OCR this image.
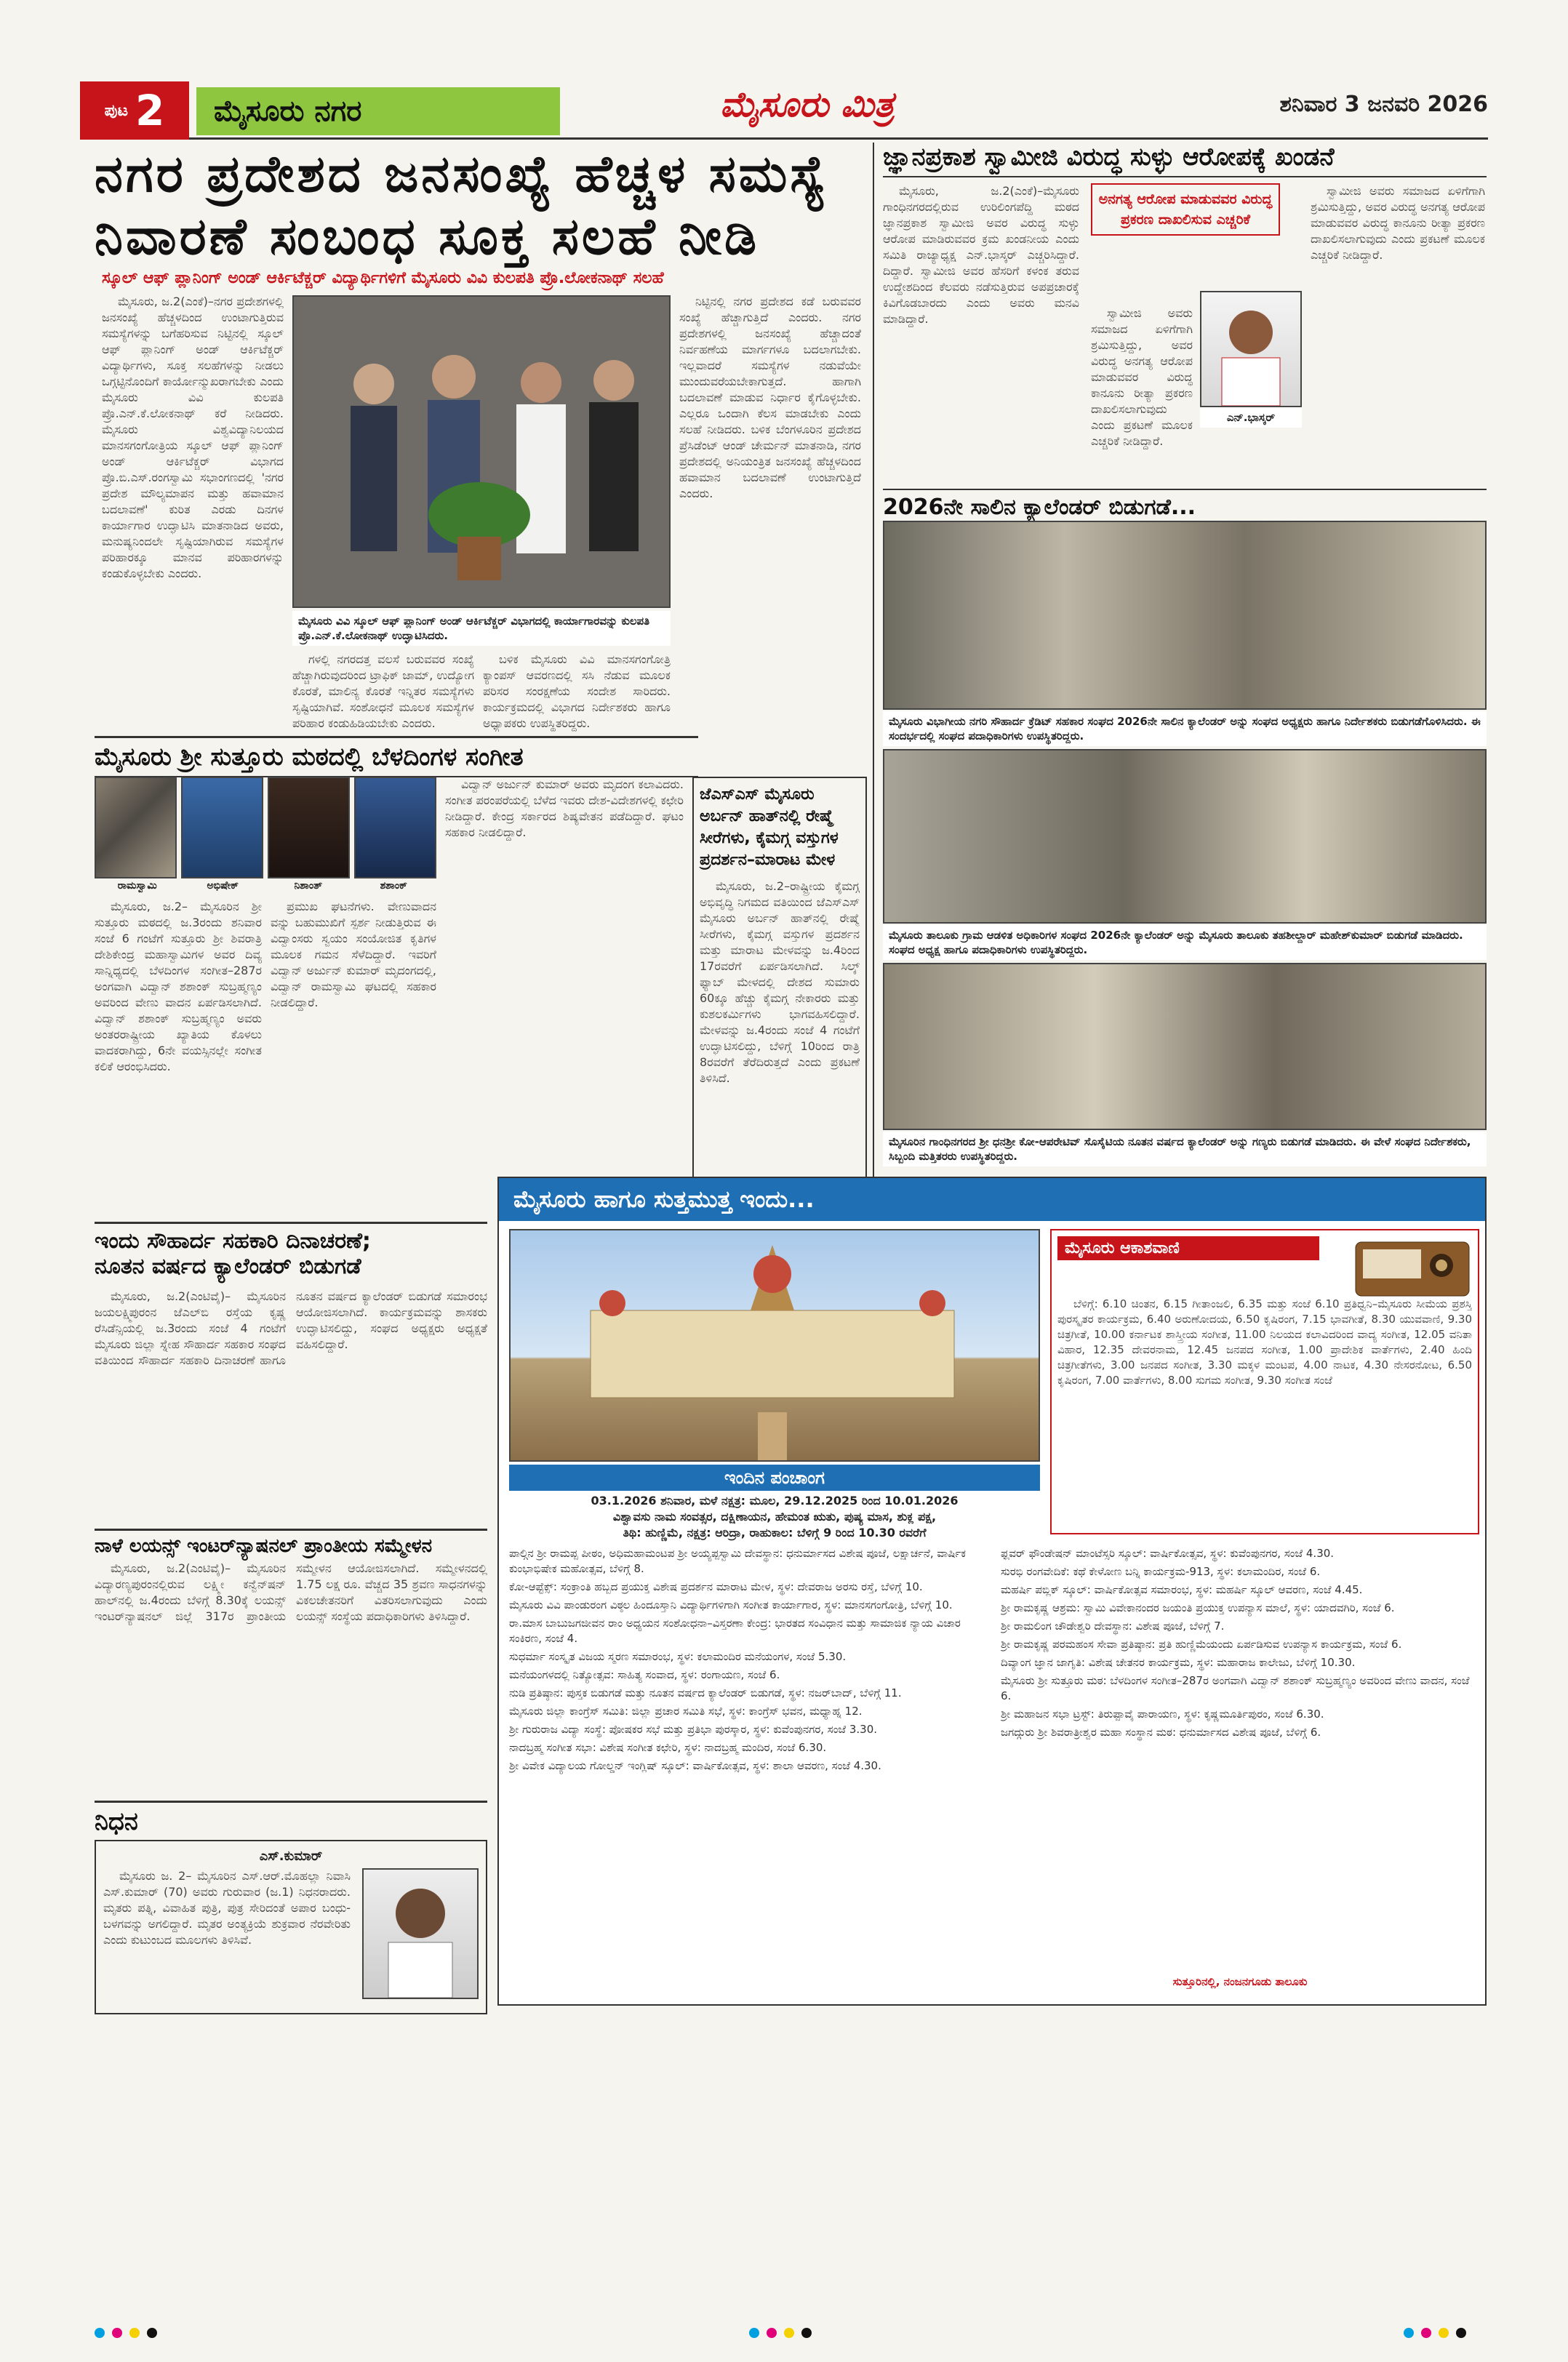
ಪುಟ 2	ಮೈಸೂರು ನಗರ	ಮೈಸೂರು ಮಿತ್ರ	ಶನಿವಾರ 3 ಜನವರಿ 2026
ನಗರ ಪ್ರದೇಶದ ಜನಸಂಖ್ಯೆ ಹೆಚ್ಚಳ ಸಮಸ್ಯೆ
ನಿವಾರಣೆ ಸಂಬಂಧ ಸೂಕ್ತ ಸಲಹೆ ನೀಡಿ
ಸ್ಕೂಲ್ ಆಫ್ ಪ್ಲಾನಿಂಗ್ ಅಂಡ್ ಆರ್ಕಿಟೆಕ್ಚರ್ ವಿದ್ಯಾರ್ಥಿಗಳಿಗೆ ಮೈಸೂರು ವಿವಿ ಕುಲಪತಿ ಪ್ರೊ.ಲೋಕನಾಥ್ ಸಲಹೆ

ಮೈಸೂರು, ಜ.2(ಎಂಕೆ)–ನಗರ ಪ್ರದೇಶಗಳಲ್ಲಿ ಜನಸಂಖ್ಯೆ ಹೆಚ್ಚಳದಿಂದ ಉಂಟಾಗುತ್ತಿರುವ ಸಮಸ್ಯೆಗಳನ್ನು ಬಗೆಹರಿಸುವ ನಿಟ್ಟಿನಲ್ಲಿ ಸ್ಕೂಲ್ ಆಫ್ ಪ್ಲಾನಿಂಗ್ ಅಂಡ್ ಆರ್ಕಿಟೆಕ್ಚರ್ ವಿದ್ಯಾರ್ಥಿಗಳು, ಸೂಕ್ತ ಸಲಹೆಗಳನ್ನು ನೀಡಲು ಒಗ್ಗಟ್ಟಿನೊಂದಿಗೆ ಕಾರ್ಯೋನ್ಮುಖರಾಗಬೇಕು ಎಂದು ಮೈಸೂರು ವಿವಿ ಕುಲಪತಿ ಪ್ರೊ.ಎನ್.ಕೆ.ಲೋಕನಾಥ್ ಕರೆ ನೀಡಿದರು. ಮೈಸೂರು ವಿಶ್ವವಿದ್ಯಾನಿಲಯದ ಮಾನಸಗಂಗೋತ್ರಿಯ ಸ್ಕೂಲ್ ಆಫ್ ಪ್ಲಾನಿಂಗ್ ಅಂಡ್ ಆರ್ಕಿಟೆಕ್ಚರ್ ವಿಭಾಗದ ಪ್ರೊ.ಬಿ.ಎಸ್.ರಂಗಸ್ವಾಮಿ ಸಭಾಂಗಣದಲ್ಲಿ 'ನಗರ ಪ್ರದೇಶ ಮೌಲ್ಯಮಾಪನ ಮತ್ತು ಹವಾಮಾನ ಬದಲಾವಣೆ' ಕುರಿತ ಎರಡು ದಿನಗಳ ಕಾರ್ಯಾಗಾರ ಉದ್ಘಾಟಿಸಿ ಮಾತನಾಡಿದ ಅವರು, ಮನುಷ್ಯನಿಂದಲೇ ಸೃಷ್ಟಿಯಾಗಿರುವ ಸಮಸ್ಯೆಗಳ ಪರಿಹಾರಕ್ಕೂ ಮಾನವ ಪರಿಹಾರಗಳನ್ನು ಕಂಡುಕೊಳ್ಳಬೇಕು ಎಂದರು.

ಮೈಸೂರು ವಿವಿ ಸ್ಕೂಲ್ ಆಫ್ ಪ್ಲಾನಿಂಗ್ ಅಂಡ್ ಆರ್ಕಿಟೆಕ್ಚರ್ ವಿಭಾಗದಲ್ಲಿ ಕಾರ್ಯಾಗಾರವನ್ನು ಕುಲಪತಿ ಪ್ರೊ.ಎನ್.ಕೆ.ಲೋಕನಾಥ್ ಉದ್ಘಾಟಿಸಿದರು.

ನಿಟ್ಟಿನಲ್ಲಿ ನಗರ ಪ್ರದೇಶದ ಕಡೆ ಬರುವವರ ಸಂಖ್ಯೆ ಹೆಚ್ಚಾಗುತ್ತಿದೆ ಎಂದರು. ನಗರ ಪ್ರದೇಶಗಳಲ್ಲಿ ಜನಸಂಖ್ಯೆ ಹೆಚ್ಚಾದಂತೆ ನಿರ್ವಹಣೆಯ ಮಾರ್ಗಗಳೂ ಬದಲಾಗಬೇಕು. ಇಲ್ಲವಾದರೆ ಸಮಸ್ಯೆಗಳ ನಡುವೆಯೇ ಮುಂದುವರೆಯಬೇಕಾಗುತ್ತದೆ. ಹಾಗಾಗಿ ಬದಲಾವಣೆ ಮಾಡುವ ನಿರ್ಧಾರ ಕೈಗೊಳ್ಳಬೇಕು. ಎಲ್ಲರೂ ಒಂದಾಗಿ ಕೆಲಸ ಮಾಡಬೇಕು ಎಂದು ಸಲಹೆ ನೀಡಿದರು. ಬಳಿಕ ಬೆಂಗಳೂರಿನ ಪ್ರದೇಶದ ಪ್ರೆಸಿಡೆಂಟ್ ಆಂಡ್ ಚೇರ್ಮನ್ ಮಾತನಾಡಿ, ನಗರ ಪ್ರದೇಶದಲ್ಲಿ ಅನಿಯಂತ್ರಿತ ಜನಸಂಖ್ಯೆ ಹೆಚ್ಚಳದಿಂದ ಹವಾಮಾನ ಬದಲಾವಣೆ ಉಂಟಾಗುತ್ತಿದೆ ಎಂದರು.

ಗಳಲ್ಲಿ ನಗರದತ್ತ ವಲಸೆ ಬರುವವರ ಸಂಖ್ಯೆ ಹೆಚ್ಚಾಗಿರುವುದರಿಂದ ಟ್ರಾಫಿಕ್ ಜಾಮ್, ಉದ್ಯೋಗ ಕೊರತೆ, ಮಾಲಿನ್ಯ ಕೊರತೆ ಇನ್ನಿತರ ಸಮಸ್ಯೆಗಳು ಸೃಷ್ಟಿಯಾಗಿವೆ. ಸಂಶೋಧನೆ ಮೂಲಕ ಸಮಸ್ಯೆಗಳ ಪರಿಹಾರ ಕಂಡುಹಿಡಿಯಬೇಕು ಎಂದರು.

ಬಳಿಕ ಮೈಸೂರು ವಿವಿ ಮಾನಸಗಂಗೋತ್ರಿ ಕ್ಯಾಂಪಸ್ ಆವರಣದಲ್ಲಿ ಸಸಿ ನೆಡುವ ಮೂಲಕ ಪರಿಸರ ಸಂರಕ್ಷಣೆಯ ಸಂದೇಶ ಸಾರಿದರು. ಕಾರ್ಯಕ್ರಮದಲ್ಲಿ ವಿಭಾಗದ ನಿರ್ದೇಶಕರು ಹಾಗೂ ಅಧ್ಯಾಪಕರು ಉಪಸ್ಥಿತರಿದ್ದರು.

ಜ್ಞಾನಪ್ರಕಾಶ ಸ್ವಾಮೀಜಿ ವಿರುದ್ಧ ಸುಳ್ಳು ಆರೋಪಕ್ಕೆ ಖಂಡನೆ

ಮೈಸೂರು, ಜ.2(ಎಂಕೆ)–ಮೈಸೂರು ಗಾಂಧಿನಗರದಲ್ಲಿರುವ ಉರಿಲಿಂಗಪೆದ್ದಿ ಮಠದ ಜ್ಞಾನಪ್ರಕಾಶ ಸ್ವಾಮೀಜಿ ಅವರ ವಿರುದ್ಧ ಸುಳ್ಳು ಆರೋಪ ಮಾಡಿರುವವರ ಕ್ರಮ ಖಂಡನೀಯ ಎಂದು ಸಮಿತಿ ರಾಜ್ಯಾಧ್ಯಕ್ಷ ಎನ್.ಭಾಸ್ಕರ್ ಎಚ್ಚರಿಸಿದ್ದಾರೆ. ದಿದ್ದಾರೆ. ಸ್ವಾಮೀಜಿ ಅವರ ಹೆಸರಿಗೆ ಕಳಂಕ ತರುವ ಉದ್ದೇಶದಿಂದ ಕೆಲವರು ನಡೆಸುತ್ತಿರುವ ಅಪಪ್ರಚಾರಕ್ಕೆ ಕಿವಿಗೊಡಬಾರದು ಎಂದು ಅವರು ಮನವಿ ಮಾಡಿದ್ದಾರೆ.

ಅನಗತ್ಯ ಆರೋಪ ಮಾಡುವವರ ವಿರುದ್ಧ ಪ್ರಕರಣ ದಾಖಲಿಸುವ ಎಚ್ಚರಿಕೆ

ಸ್ವಾಮೀಜಿ ಅವರು ಸಮಾಜದ ಏಳಿಗೆಗಾಗಿ ಶ್ರಮಿಸುತ್ತಿದ್ದು, ಅವರ ವಿರುದ್ಧ ಅನಗತ್ಯ ಆರೋಪ ಮಾಡುವವರ ವಿರುದ್ಧ ಕಾನೂನು ರೀತ್ಯಾ ಪ್ರಕರಣ ದಾಖಲಿಸಲಾಗುವುದು ಎಂದು ಪ್ರಕಟಣೆ ಮೂಲಕ ಎಚ್ಚರಿಕೆ ನೀಡಿದ್ದಾರೆ.

ಎನ್.ಭಾಸ್ಕರ್

ಸ್ವಾಮೀಜಿ ಅವರು ಸಮಾಜದ ಏಳಿಗೆಗಾಗಿ ಶ್ರಮಿಸುತ್ತಿದ್ದು, ಅವರ ವಿರುದ್ಧ ಅನಗತ್ಯ ಆರೋಪ ಮಾಡುವವರ ವಿರುದ್ಧ ಕಾನೂನು ರೀತ್ಯಾ ಪ್ರಕರಣ ದಾಖಲಿಸಲಾಗುವುದು ಎಂದು ಪ್ರಕಟಣೆ ಮೂಲಕ ಎಚ್ಚರಿಕೆ ನೀಡಿದ್ದಾರೆ.

2026ನೇ ಸಾಲಿನ ಕ್ಯಾಲೆಂಡರ್ ಬಿಡುಗಡೆ...
ಮೈಸೂರು ವಿಭಾಗೀಯ ನಗರಿ ಸೌಹಾರ್ದ ಕ್ರೆಡಿಟ್ ಸಹಕಾರ ಸಂಘದ 2026ನೇ ಸಾಲಿನ ಕ್ಯಾಲೆಂಡರ್ ಅನ್ನು ಸಂಘದ ಅಧ್ಯಕ್ಷರು ಹಾಗೂ ನಿರ್ದೇಶಕರು ಬಿಡುಗಡೆಗೊಳಿಸಿದರು. ಈ ಸಂದರ್ಭದಲ್ಲಿ ಸಂಘದ ಪದಾಧಿಕಾರಿಗಳು ಉಪಸ್ಥಿತರಿದ್ದರು.
ಮೈಸೂರು ತಾಲೂಕು ಗ್ರಾಮ ಆಡಳಿತ ಅಧಿಕಾರಿಗಳ ಸಂಘದ 2026ನೇ ಕ್ಯಾಲೆಂಡರ್ ಅನ್ನು ಮೈಸೂರು ತಾಲೂಕು ತಹಶೀಲ್ದಾರ್ ಮಹೇಶ್‌ಕುಮಾರ್ ಬಿಡುಗಡೆ ಮಾಡಿದರು. ಸಂಘದ ಅಧ್ಯಕ್ಷ ಹಾಗೂ ಪದಾಧಿಕಾರಿಗಳು ಉಪಸ್ಥಿತರಿದ್ದರು.
ಮೈಸೂರಿನ ಗಾಂಧಿನಗರದ ಶ್ರೀ ಧನಶ್ರೀ ಕೋ-ಆಪರೇಟಿವ್ ಸೊಸೈಟಿಯ ನೂತನ ವರ್ಷದ ಕ್ಯಾಲೆಂಡರ್ ಅನ್ನು ಗಣ್ಯರು ಬಿಡುಗಡೆ ಮಾಡಿದರು. ಈ ವೇಳೆ ಸಂಘದ ನಿರ್ದೇಶಕರು, ಸಿಬ್ಬಂದಿ ಮತ್ತಿತರರು ಉಪಸ್ಥಿತರಿದ್ದರು.
ಮೈಸೂರು ಶ್ರೀ ಸುತ್ತೂರು ಮಠದಲ್ಲಿ ಬೆಳದಿಂಗಳ ಸಂಗೀತ
ರಾಮಸ್ವಾಮಿ	ಅಭಿಷೇಕ್	ನಿಶಾಂತ್	ಶಶಾಂಕ್

ಮೈಸೂರು, ಜ.2– ಮೈಸೂರಿನ ಶ್ರೀ ಸುತ್ತೂರು ಮಠದಲ್ಲಿ ಜ.3ರಂದು ಶನಿವಾರ ಸಂಜೆ 6 ಗಂಟೆಗೆ ಸುತ್ತೂರು ಶ್ರೀ ಶಿವರಾತ್ರಿ ದೇಶಿಕೇಂದ್ರ ಮಹಾಸ್ವಾಮಿಗಳ ಅವರ ದಿವ್ಯ ಸಾನ್ನಿಧ್ಯದಲ್ಲಿ ಬೆಳದಿಂಗಳ ಸಂಗೀತ–287ರ ಅಂಗವಾಗಿ ವಿದ್ವಾನ್ ಶಶಾಂಕ್ ಸುಬ್ರಹ್ಮಣ್ಯಂ ಅವರಿಂದ ವೇಣು ವಾದನ ಏರ್ಪಡಿಸಲಾಗಿದೆ. ವಿದ್ವಾನ್ ಶಶಾಂಕ್ ಸುಬ್ರಹ್ಮಣ್ಯಂ ಅವರು ಅಂತರರಾಷ್ಟ್ರೀಯ ಖ್ಯಾತಿಯ ಕೊಳಲು ವಾದಕರಾಗಿದ್ದು, 6ನೇ ವಯಸ್ಸಿನಲ್ಲೇ ಸಂಗೀತ ಕಲಿಕೆ ಆರಂಭಿಸಿದರು.

ಪ್ರಮುಖ ಘಟನೆಗಳು. ವೇಣುವಾದನ ವನ್ನು ಬಹುಮುಖಿಗೆ ಸ್ಪರ್ಶ ನೀಡುತ್ತಿರುವ ಈ ವಿದ್ವಾಂಸರು ಸ್ವಯಂ ಸಂಯೋಜಿತ ಕೃತಿಗಳ ಮೂಲಕ ಗಮನ ಸೆಳೆದಿದ್ದಾರೆ. ಇವರಿಗೆ ವಿದ್ವಾನ್ ಅರ್ಜುನ್ ಕುಮಾರ್ ಮೃದಂಗದಲ್ಲಿ, ವಿದ್ವಾನ್ ರಾಮಸ್ವಾಮಿ ಘಟದಲ್ಲಿ ಸಹಕಾರ ನೀಡಲಿದ್ದಾರೆ.

ವಿದ್ವಾನ್ ಅರ್ಜುನ್ ಕುಮಾರ್ ಅವರು ಮೃದಂಗ ಕಲಾವಿದರು. ಸಂಗೀತ ಪರಂಪರೆಯಲ್ಲಿ ಬೆಳೆದ ಇವರು ದೇಶ-ವಿದೇಶಗಳಲ್ಲಿ ಕಛೇರಿ ನೀಡಿದ್ದಾರೆ. ಕೇಂದ್ರ ಸರ್ಕಾರದ ಶಿಷ್ಯವೇತನ ಪಡೆದಿದ್ದಾರೆ. ಘಟಂ ಸಹಕಾರ ನೀಡಲಿದ್ದಾರೆ.

ಜೆಎಸ್‌ಎಸ್ ಮೈಸೂರು ಅರ್ಬನ್ ಹಾತ್‌ನಲ್ಲಿ ರೇಷ್ಮೆ ಸೀರೆಗಳು, ಕೈಮಗ್ಗ ವಸ್ತುಗಳ ಪ್ರದರ್ಶನ–ಮಾರಾಟ ಮೇಳ

ಮೈಸೂರು, ಜ.2–ರಾಷ್ಟ್ರೀಯ ಕೈಮಗ್ಗ ಅಭಿವೃದ್ಧಿ ನಿಗಮದ ವತಿಯಿಂದ ಜೆಎಸ್‌ಎಸ್ ಮೈಸೂರು ಅರ್ಬನ್ ಹಾತ್‌ನಲ್ಲಿ ರೇಷ್ಮೆ ಸೀರೆಗಳು, ಕೈಮಗ್ಗ ವಸ್ತುಗಳ ಪ್ರದರ್ಶನ ಮತ್ತು ಮಾರಾಟ ಮೇಳವನ್ನು ಜ.4ರಿಂದ 17ರವರೆಗೆ ಏರ್ಪಡಿಸಲಾಗಿದೆ. ಸಿಲ್ಕ್ ಫ್ಯಾಬ್ ಮೇಳದಲ್ಲಿ ದೇಶದ ಸುಮಾರು 60ಕ್ಕೂ ಹೆಚ್ಚು ಕೈಮಗ್ಗ ನೇಕಾರರು ಮತ್ತು ಕುಶಲಕರ್ಮಿಗಳು ಭಾಗವಹಿಸಲಿದ್ದಾರೆ. ಮೇಳವನ್ನು ಜ.4ರಂದು ಸಂಜೆ 4 ಗಂಟೆಗೆ ಉದ್ಘಾಟಿಸಲಿದ್ದು, ಬೆಳಿಗ್ಗೆ 10ರಿಂದ ರಾತ್ರಿ 8ರವರೆಗೆ ತೆರೆದಿರುತ್ತದೆ ಎಂದು ಪ್ರಕಟಣೆ ತಿಳಿಸಿದೆ.

ಇಂದು ಸೌಹಾರ್ದ ಸಹಕಾರಿ ದಿನಾಚರಣೆ;
ನೂತನ ವರ್ಷದ ಕ್ಯಾಲೆಂಡರ್ ಬಿಡುಗಡೆ

ಮೈಸೂರು, ಜ.2(ಎಂಟಿವೈ)– ಮೈಸೂರಿನ ಜಯಲಕ್ಷ್ಮಿಪುರಂನ ಜೆಎಲ್‌ಬಿ ರಸ್ತೆಯ ಕೃಷ್ಣ ರೆಸಿಡೆನ್ಸಿಯಲ್ಲಿ ಜ.3ರಂದು ಸಂಜೆ 4 ಗಂಟೆಗೆ ಮೈಸೂರು ಜಿಲ್ಲಾ ಸ್ನೇಹ ಸೌಹಾರ್ದ ಸಹಕಾರ ಸಂಘದ ವತಿಯಿಂದ ಸೌಹಾರ್ದ ಸಹಕಾರಿ ದಿನಾಚರಣೆ ಹಾಗೂ ನೂತನ ವರ್ಷದ ಕ್ಯಾಲೆಂಡರ್ ಬಿಡುಗಡೆ ಸಮಾರಂಭ ಆಯೋಜಿಸಲಾಗಿದೆ. ಕಾರ್ಯಕ್ರಮವನ್ನು ಶಾಸಕರು ಉದ್ಘಾಟಿಸಲಿದ್ದು, ಸಂಘದ ಅಧ್ಯಕ್ಷರು ಅಧ್ಯಕ್ಷತೆ ವಹಿಸಲಿದ್ದಾರೆ.

ನಾಳೆ ಲಯನ್ಸ್ ಇಂಟರ್‌ನ್ಯಾಷನಲ್ ಪ್ರಾಂತೀಯ ಸಮ್ಮೇಳನ

ಮೈಸೂರು, ಜ.2(ಎಂಟಿವೈ)– ಮೈಸೂರಿನ ವಿದ್ಯಾರಣ್ಯಪುರಂನಲ್ಲಿರುವ ಲಕ್ಷ್ಮೀ ಕನ್ವೆನ್‌ಷನ್ ಹಾಲ್‌ನಲ್ಲಿ ಜ.4ರಂದು ಬೆಳಿಗ್ಗೆ 8.30ಕ್ಕೆ ಲಯನ್ಸ್ ಇಂಟರ್‌ನ್ಯಾಷನಲ್ ಜಿಲ್ಲೆ 317ರ ಪ್ರಾಂತೀಯ ಸಮ್ಮೇಳನ ಆಯೋಜಿಸಲಾಗಿದೆ. ಸಮ್ಮೇಳನದಲ್ಲಿ 1.75 ಲಕ್ಷ ರೂ. ವೆಚ್ಚದ 35 ಶ್ರವಣ ಸಾಧನಗಳನ್ನು ವಿಕಲಚೇತನರಿಗೆ ವಿತರಿಸಲಾಗುವುದು ಎಂದು ಲಯನ್ಸ್ ಸಂಸ್ಥೆಯ ಪದಾಧಿಕಾರಿಗಳು ತಿಳಿಸಿದ್ದಾರೆ.

ನಿಧನ
ಎಸ್.ಕುಮಾರ್

ಮೈಸೂರು ಜ. 2– ಮೈಸೂರಿನ ಎಸ್.ಆರ್.ಮೊಹಲ್ಲಾ ನಿವಾಸಿ ಎಸ್.ಕುಮಾರ್ (70) ಅವರು ಗುರುವಾರ (ಜ.1) ನಿಧನರಾದರು. ಮೃತರು ಪತ್ನಿ, ವಿವಾಹಿತ ಪುತ್ರಿ, ಪುತ್ರ ಸೇರಿದಂತೆ ಅಪಾರ ಬಂಧು-ಬಳಗವನ್ನು ಅಗಲಿದ್ದಾರೆ. ಮೃತರ ಅಂತ್ಯಕ್ರಿಯೆ ಶುಕ್ರವಾರ ನೆರವೇರಿತು ಎಂದು ಕುಟುಂಬದ ಮೂಲಗಳು ತಿಳಿಸಿವೆ.

ಮೈಸೂರು ಹಾಗೂ ಸುತ್ತಮುತ್ತ ಇಂದು...
ಇಂದಿನ ಪಂಚಾಂಗ
03.1.2026 ಶನಿವಾರ, ಮಳೆ ನಕ್ಷತ್ರ: ಮೂಲ, 29.12.2025 ರಿಂದ 10.01.2026
ವಿಶ್ವಾವಸು ನಾಮ ಸಂವತ್ಸರ, ದಕ್ಷಿಣಾಯನ, ಹೇಮಂತ ಋತು, ಪುಷ್ಯ ಮಾಸ, ಶುಕ್ಲ ಪಕ್ಷ,
ತಿಥಿ: ಹುಣ್ಣಿಮೆ, ನಕ್ಷತ್ರ: ಆರಿದ್ರಾ, ರಾಹುಕಾಲ: ಬೆಳಿಗ್ಗೆ 9 ರಿಂದ 10.30 ರವರೆಗೆ
ಮೈಸೂರು ಆಕಾಶವಾಣಿ

ಬೆಳಿಗ್ಗೆ: 6.10 ಚಿಂತನ, 6.15 ಗೀತಾಂಜಲಿ, 6.35 ಮತ್ತು ಸಂಜೆ 6.10 ಪ್ರತಿಧ್ವನಿ–ಮೈಸೂರು ಸೀಮೆಯ ಪ್ರಶಸ್ತಿ ಪುರಸ್ಕೃತರ ಕಾರ್ಯಕ್ರಮ, 6.40 ಅರುಣೋದಯ, 6.50 ಕೃಷಿರಂಗ, 7.15 ಭಾವಗೀತೆ, 8.30 ಯುವವಾಣಿ, 9.30 ಚಿತ್ರಗೀತೆ, 10.00 ಕರ್ನಾಟಕ ಶಾಸ್ತ್ರೀಯ ಸಂಗೀತ, 11.00 ನಿಲಯದ ಕಲಾವಿದರಿಂದ ವಾದ್ಯ ಸಂಗೀತ, 12.05 ವನಿತಾ ವಿಹಾರ, 12.35 ದೇವರನಾಮ, 12.45 ಜನಪದ ಸಂಗೀತ, 1.00 ಪ್ರಾದೇಶಿಕ ವಾರ್ತೆಗಳು, 2.40 ಹಿಂದಿ ಚಿತ್ರಗೀತೆಗಳು, 3.00 ಜನಪದ ಸಂಗೀತ, 3.30 ಮಕ್ಕಳ ಮಂಟಪ, 4.00 ನಾಟಕ, 4.30 ನೇಸರನೋಟ, 6.50 ಕೃಷಿರಂಗ, 7.00 ವಾರ್ತೆಗಳು, 8.00 ಸುಗಮ ಸಂಗೀತ, 9.30 ಸಂಗೀತ ಸಂಜೆ

ಪಾಲ್ಗಿನ ಶ್ರೀ ರಾಮಪ್ಪ ಪೀಠಂ, ಅಧಿಮಹಾಮಂಟಪ ಶ್ರೀ ಅಯ್ಯಪ್ಪಸ್ವಾಮಿ ದೇವಸ್ಥಾನ: ಧನುರ್ಮಾಸದ ವಿಶೇಷ ಪೂಜೆ, ಲಕ್ಷಾರ್ಚನೆ, ವಾರ್ಷಿಕ ಕುಂಭಾಭಿಷೇಕ ಮಹೋತ್ಸವ, ಬೆಳಿಗ್ಗೆ 8.
ಕೋ-ಆಪ್ಟೆಕ್ಸ್: ಸಂಕ್ರಾಂತಿ ಹಬ್ಬದ ಪ್ರಯುಕ್ತ ವಿಶೇಷ ಪ್ರದರ್ಶನ ಮಾರಾಟ ಮೇಳ, ಸ್ಥಳ: ದೇವರಾಜ ಅರಸು ರಸ್ತೆ, ಬೆಳಿಗ್ಗೆ 10.
ಮೈಸೂರು ವಿವಿ ಪಾಂಡುರಂಗ ವಿಠ್ಠಲ ಹಿಂದೂಸ್ತಾನಿ ವಿದ್ಯಾರ್ಥಿಗಳಿಗಾಗಿ ಸಂಗೀತ ಕಾರ್ಯಾಗಾರ, ಸ್ಥಳ: ಮಾನಸಗಂಗೋತ್ರಿ, ಬೆಳಿಗ್ಗೆ 10.
ರಾ.ಮಾಸ ಬಾಬುಜಗಜೀವನ ರಾಂ ಅಧ್ಯಯನ ಸಂಶೋಧನಾ–ವಿಸ್ತರಣಾ ಕೇಂದ್ರ: ಭಾರತದ ಸಂವಿಧಾನ ಮತ್ತು ಸಾಮಾಜಿಕ ನ್ಯಾಯ ವಿಚಾರ ಸಂಕಿರಣ, ಸಂಜೆ 4.
ಸುಧರ್ಮಾ ಸಂಸ್ಕೃತ ವಿಜಯ ಸ್ಮರಣ ಸಮಾರಂಭ, ಸ್ಥಳ: ಕಲಾಮಂದಿರ ಮನೆಯಂಗಳ, ಸಂಜೆ 5.30.
ಮನೆಯಂಗಳದಲ್ಲಿ ನಿತ್ಯೋತ್ಸವ: ಸಾಹಿತ್ಯ ಸಂವಾದ, ಸ್ಥಳ: ರಂಗಾಯಣ, ಸಂಜೆ 6.
ನುಡಿ ಪ್ರತಿಷ್ಠಾನ: ಪುಸ್ತಕ ಬಿಡುಗಡೆ ಮತ್ತು ನೂತನ ವರ್ಷದ ಕ್ಯಾಲೆಂಡರ್ ಬಿಡುಗಡೆ, ಸ್ಥಳ: ನಜರ್‌ಬಾದ್, ಬೆಳಿಗ್ಗೆ 11.
ಮೈಸೂರು ಜಿಲ್ಲಾ ಕಾಂಗ್ರೆಸ್ ಸಮಿತಿ: ಜಿಲ್ಲಾ ಪ್ರಚಾರ ಸಮಿತಿ ಸಭೆ, ಸ್ಥಳ: ಕಾಂಗ್ರೆಸ್ ಭವನ, ಮಧ್ಯಾಹ್ನ 12.
ಶ್ರೀ ಗುರುರಾಜ ವಿದ್ಯಾ ಸಂಸ್ಥೆ: ಪೋಷಕರ ಸಭೆ ಮತ್ತು ಪ್ರತಿಭಾ ಪುರಸ್ಕಾರ, ಸ್ಥಳ: ಕುವೆಂಪುನಗರ, ಸಂಜೆ 3.30.
ನಾದಬ್ರಹ್ಮ ಸಂಗೀತ ಸಭಾ: ವಿಶೇಷ ಸಂಗೀತ ಕಛೇರಿ, ಸ್ಥಳ: ನಾದಬ್ರಹ್ಮ ಮಂದಿರ, ಸಂಜೆ 6.30.
ಶ್ರೀ ವಿವೇಕ ವಿದ್ಯಾಲಯ ಗೋಲ್ಡನ್ ಇಂಗ್ಲಿಷ್ ಸ್ಕೂಲ್: ವಾರ್ಷಿಕೋತ್ಸವ, ಸ್ಥಳ: ಶಾಲಾ ಆವರಣ, ಸಂಜೆ 4.30.
ಫ್ಲವರ್ ಫೌಂಡೇಷನ್ ಮಾಂಟೆಸ್ಸರಿ ಸ್ಕೂಲ್: ವಾರ್ಷಿಕೋತ್ಸವ, ಸ್ಥಳ: ಕುವೆಂಪುನಗರ, ಸಂಜೆ 4.30.
ಸುರಭಿ ರಂಗವೇದಿಕೆ: ಕಥೆ ಕೇಳೋಣ ಬನ್ನಿ ಕಾರ್ಯಕ್ರಮ-913, ಸ್ಥಳ: ಕಲಾಮಂದಿರ, ಸಂಜೆ 6.
ಮಹರ್ಷಿ ಪಬ್ಲಿಕ್ ಸ್ಕೂಲ್: ವಾರ್ಷಿಕೋತ್ಸವ ಸಮಾರಂಭ, ಸ್ಥಳ: ಮಹರ್ಷಿ ಸ್ಕೂಲ್ ಆವರಣ, ಸಂಜೆ 4.45.
ಶ್ರೀ ರಾಮಕೃಷ್ಣ ಆಶ್ರಮ: ಸ್ವಾಮಿ ವಿವೇಕಾನಂದರ ಜಯಂತಿ ಪ್ರಯುಕ್ತ ಉಪನ್ಯಾಸ ಮಾಲೆ, ಸ್ಥಳ: ಯಾದವಗಿರಿ, ಸಂಜೆ 6.
ಶ್ರೀ ರಾಮಲಿಂಗ ಚೌಡೇಶ್ವರಿ ದೇವಸ್ಥಾನ: ವಿಶೇಷ ಪೂಜೆ, ಬೆಳಿಗ್ಗೆ 7.
ಶ್ರೀ ರಾಮಕೃಷ್ಣ ಪರಮಹಂಸ ಸೇವಾ ಪ್ರತಿಷ್ಠಾನ: ಪ್ರತಿ ಹುಣ್ಣಿಮೆಯಂದು ಏರ್ಪಡಿಸುವ ಉಪನ್ಯಾಸ ಕಾರ್ಯಕ್ರಮ, ಸಂಜೆ 6.
ದಿವ್ಯಾಂಗ ಜ್ಞಾನ ಜಾಗೃತಿ: ವಿಶೇಷ ಚೇತನರ ಕಾರ್ಯಕ್ರಮ, ಸ್ಥಳ: ಮಹಾರಾಜ ಕಾಲೇಜು, ಬೆಳಿಗ್ಗೆ 10.30.
ಮೈಸೂರು ಶ್ರೀ ಸುತ್ತೂರು ಮಠ: ಬೆಳದಿಂಗಳ ಸಂಗೀತ–287ರ ಅಂಗವಾಗಿ ವಿದ್ವಾನ್ ಶಶಾಂಕ್ ಸುಬ್ರಹ್ಮಣ್ಯಂ ಅವರಿಂದ ವೇಣು ವಾದನ, ಸಂಜೆ 6.
ಶ್ರೀ ಮಹಾಜನ ಸಭಾ ಟ್ರಸ್ಟ್: ತಿರುಪ್ಪಾವೈ ಪಾರಾಯಣ, ಸ್ಥಳ: ಕೃಷ್ಣಮೂರ್ತಿಪುರಂ, ಸಂಜೆ 6.30.
ಜಗದ್ಗುರು ಶ್ರೀ ಶಿವರಾತ್ರೀಶ್ವರ ಮಹಾ ಸಂಸ್ಥಾನ ಮಠ: ಧನುರ್ಮಾಸದ ವಿಶೇಷ ಪೂಜೆ, ಬೆಳಿಗ್ಗೆ 6.
ಸುತ್ತೂರಿನಲ್ಲಿ, ನಂಜನಗೂಡು ತಾಲೂಕು
